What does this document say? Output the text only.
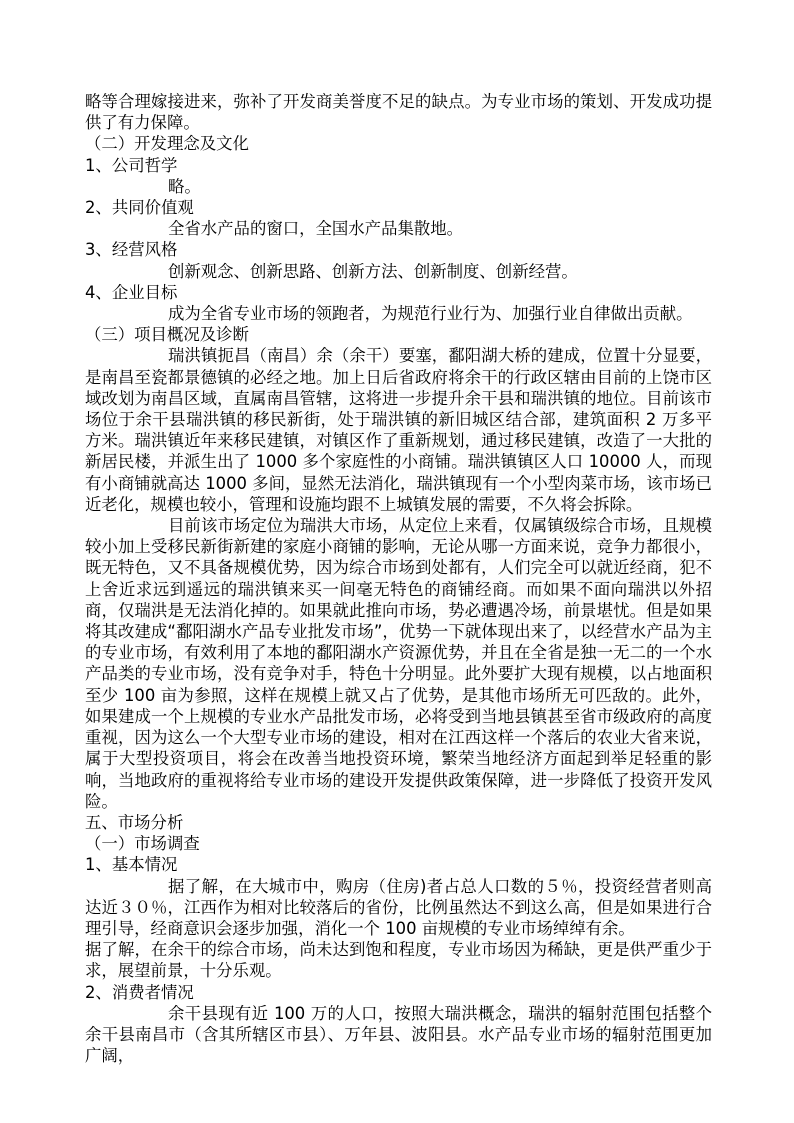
略等合理嫁接进来，弥补了开发商美誉度不足的缺点。为专业市场的策划、开发成功提供了有力保障。

（二）开发理念及文化

1、公司哲学

略。

2、共同价值观

全省水产品的窗口，全国水产品集散地。

3、经营风格

创新观念、创新思路、创新方法、创新制度、创新经营。

4、企业目标

成为全省专业市场的领跑者，为规范行业行为、加强行业自律做出贡献。

（三）项目概况及诊断

瑞洪镇扼昌（南昌）余（余干）要塞，鄱阳湖大桥的建成，位置十分显要，是南昌至瓷都景德镇的必经之地。加上日后省政府将余干的行政区辖由目前的上饶市区域改划为南昌区域，直属南昌管辖，这将进一步提升余干县和瑞洪镇的地位。目前该市场位于余干县瑞洪镇的移民新街，处于瑞洪镇的新旧城区结合部，建筑面积 2 万多平方米。瑞洪镇近年来移民建镇，对镇区作了重新规划，通过移民建镇，改造了一大批的新居民楼，并派生出了 1000 多个家庭性的小商铺。瑞洪镇镇区人口 10000 人，而现有小商铺就高达 1000 多间，显然无法消化，瑞洪镇现有一个小型肉菜市场，该市场已近老化，规模也较小，管理和设施均跟不上城镇发展的需要，不久将会拆除。

目前该市场定位为瑞洪大市场，从定位上来看，仅属镇级综合市场，且规模较小加上受移民新街新建的家庭小商铺的影响，无论从哪一方面来说，竞争力都很小，既无特色，又不具备规模优势，因为综合市场到处都有，人们完全可以就近经商，犯不上舍近求远到遥远的瑞洪镇来买一间毫无特色的商铺经商。而如果不面向瑞洪以外招商，仅瑞洪是无法消化掉的。如果就此推向市场，势必遭遇冷场，前景堪忧。但是如果将其改建成“鄱阳湖水产品专业批发市场”，优势一下就体现出来了，以经营水产品为主的专业市场，有效利用了本地的鄱阳湖水产资源优势，并且在全省是独一无二的一个水产品类的专业市场，没有竞争对手，特色十分明显。此外要扩大现有规模，以占地面积至少 100 亩为参照，这样在规模上就又占了优势，是其他市场所无可匹敌的。此外，如果建成一个上规模的专业水产品批发市场，必将受到当地县镇甚至省市级政府的高度重视，因为这么一个大型专业市场的建设，相对在江西这样一个落后的农业大省来说，属于大型投资项目，将会在改善当地投资环境，繁荣当地经济方面起到举足轻重的影响，当地政府的重视将给专业市场的建设开发提供政策保障，进一步降低了投资开发风险。

五、市场分析

（一）市场调查

1、基本情况

据了解，在大城市中，购房（住房)者占总人口数的５％，投资经营者则高达近３０％，江西作为相对比较落后的省份，比例虽然达不到这么高，但是如果进行合理引导，经商意识会逐步加强，消化一个 100 亩规模的专业市场绰绰有余。

据了解，在余干的综合市场，尚未达到饱和程度，专业市场因为稀缺，更是供严重少于求，展望前景，十分乐观。

2、消费者情况

余干县现有近 100 万的人口，按照大瑞洪概念，瑞洪的辐射范围包括整个余干县南昌市（含其所辖区市县）、万年县、波阳县。水产品专业市场的辐射范围更加广阔，
